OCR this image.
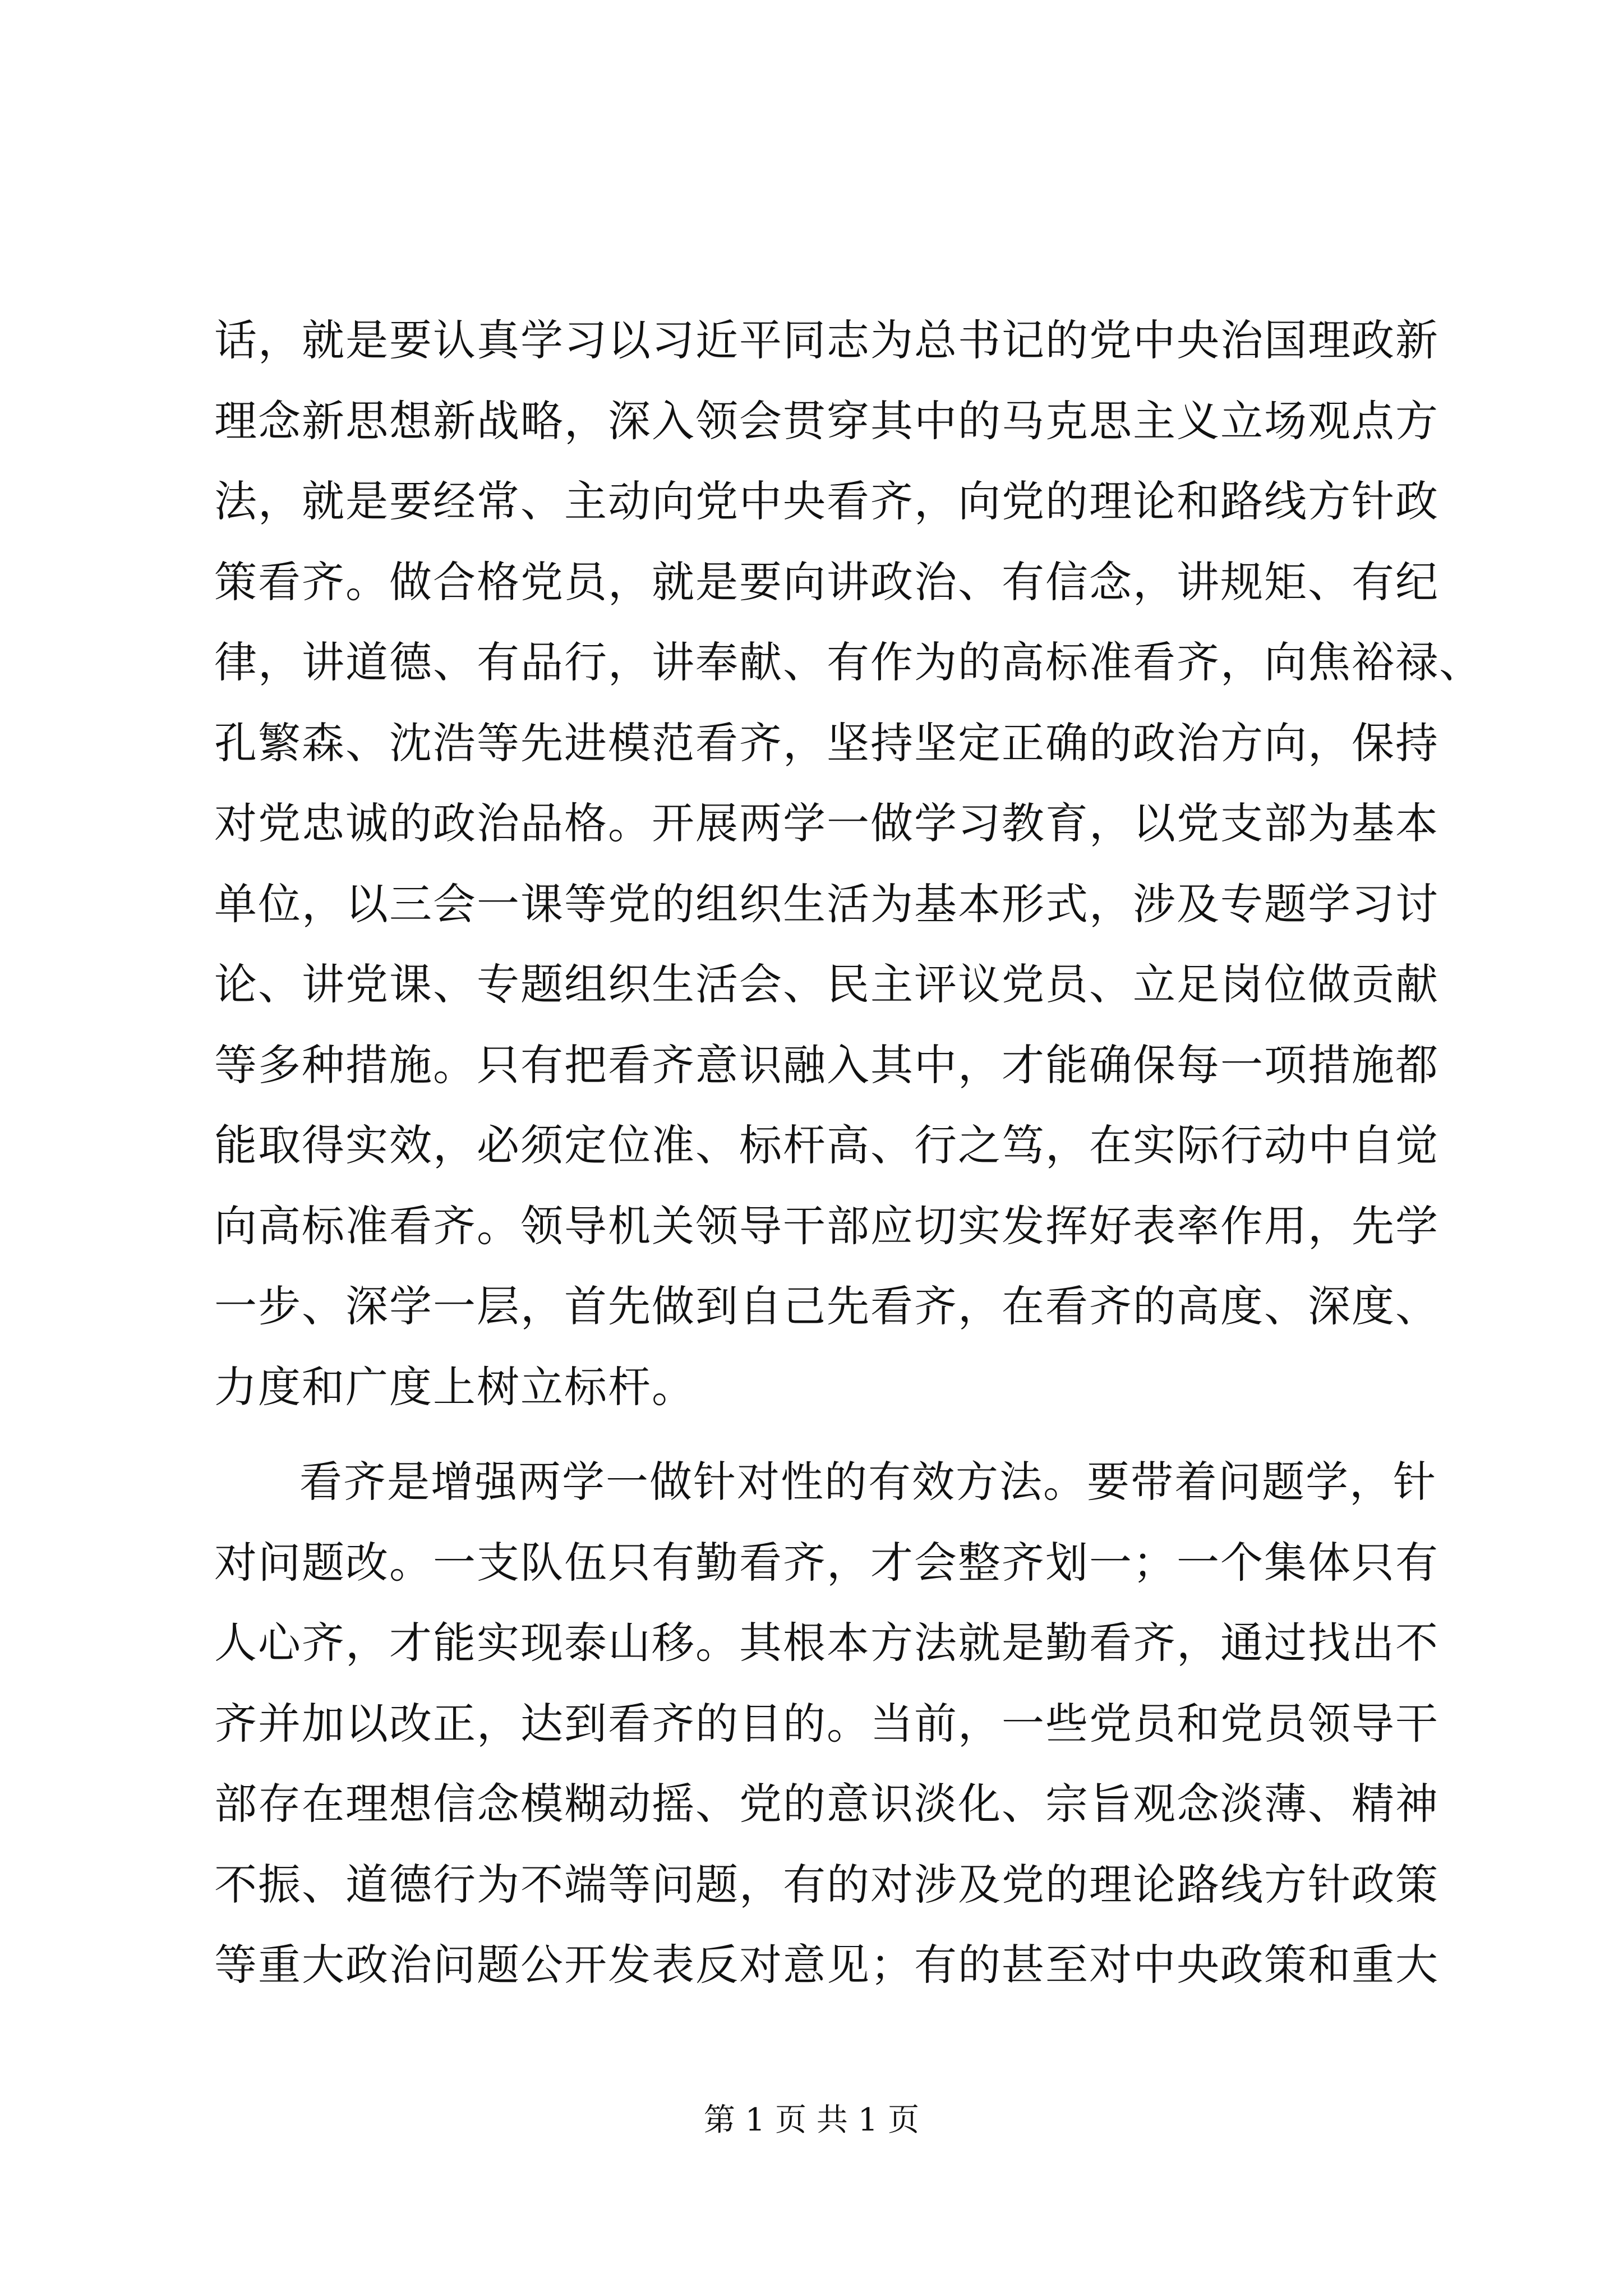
话，就是要认真学习以习近平同志为总书记的党中央治国理政新
理念新思想新战略，深入领会贯穿其中的马克思主义立场观点方
法，就是要经常、主动向党中央看齐，向党的理论和路线方针政
策看齐。做合格党员，就是要向讲政治、有信念，讲规矩、有纪
律，讲道德、有品行，讲奉献、有作为的高标准看齐，向焦裕禄、
孔繁森、沈浩等先进模范看齐，坚持坚定正确的政治方向，保持
对党忠诚的政治品格。开展两学一做学习教育，以党支部为基本
单位，以三会一课等党的组织生活为基本形式，涉及专题学习讨
论、讲党课、专题组织生活会、民主评议党员、立足岗位做贡献
等多种措施。只有把看齐意识融入其中，才能确保每一项措施都
能取得实效，必须定位准、标杆高、行之笃，在实际行动中自觉
向高标准看齐。领导机关领导干部应切实发挥好表率作用，先学
一步、深学一层，首先做到自己先看齐，在看齐的高度、深度、
力度和广度上树立标杆。
看齐是增强两学一做针对性的有效方法。要带着问题学，针
对问题改。一支队伍只有勤看齐，才会整齐划一；一个集体只有
人心齐，才能实现泰山移。其根本方法就是勤看齐，通过找出不
齐并加以改正，达到看齐的目的。当前，一些党员和党员领导干
部存在理想信念模糊动摇、党的意识淡化、宗旨观念淡薄、精神
不振、道德行为不端等问题，有的对涉及党的理论路线方针政策
等重大政治问题公开发表反对意见；有的甚至对中央政策和重大
第 1 页 共 1 页
